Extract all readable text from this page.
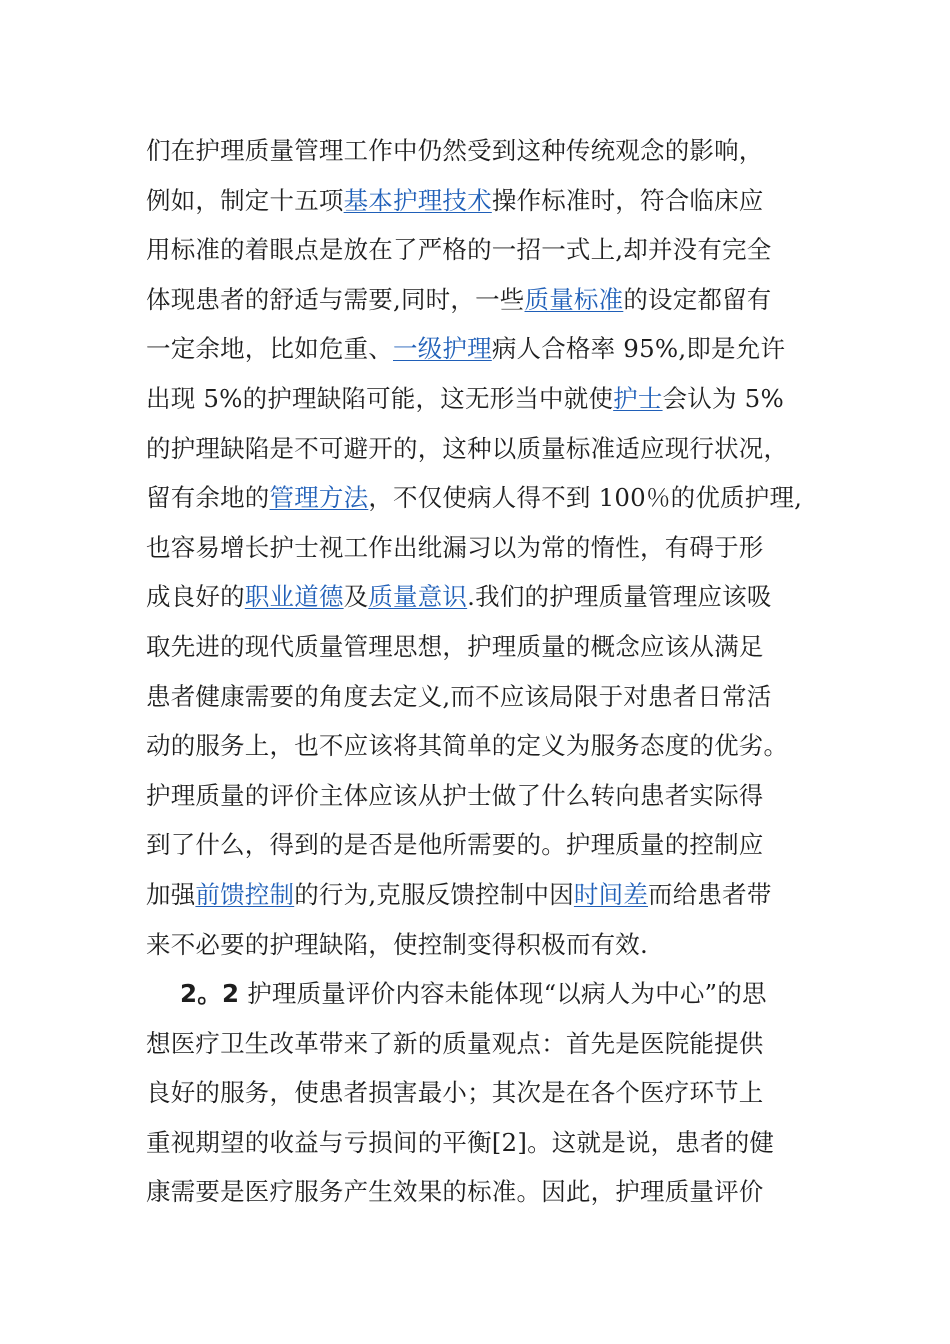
们在护理质量管理工作中仍然受到这种传统观念的影响，
例如，制定十五项基本护理技术操作标准时，符合临床应
用标准的着眼点是放在了严格的一招一式上,却并没有完全
体现患者的舒适与需要,同时，一些质量标准的设定都留有
一定余地，比如危重、一级护理病人合格率 95%,即是允许
出现 5%的护理缺陷可能，这无形当中就使护士会认为 5%
的护理缺陷是不可避开的，这种以质量标准适应现行状况，
留有余地的管理方法，不仅使病人得不到 100％的优质护理,
也容易增长护士视工作出纰漏习以为常的惰性，有碍于形
成良好的职业道德及质量意识.我们的护理质量管理应该吸
取先进的现代质量管理思想，护理质量的概念应该从满足
患者健康需要的角度去定义,而不应该局限于对患者日常活
动的服务上，也不应该将其简单的定义为服务态度的优劣。
护理质量的评价主体应该从护士做了什么转向患者实际得
到了什么，得到的是否是他所需要的。护理质量的控制应
加强前馈控制的行为,克服反馈控制中因时间差而给患者带
来不必要的护理缺陷，使控制变得积极而有效.
2。2 护理质量评价内容未能体现“以病人为中心”的思
想医疗卫生改革带来了新的质量观点：首先是医院能提供
良好的服务，使患者损害最小；其次是在各个医疗环节上
重视期望的收益与亏损间的平衡[2]。这就是说，患者的健
康需要是医疗服务产生效果的标准。因此，护理质量评价
